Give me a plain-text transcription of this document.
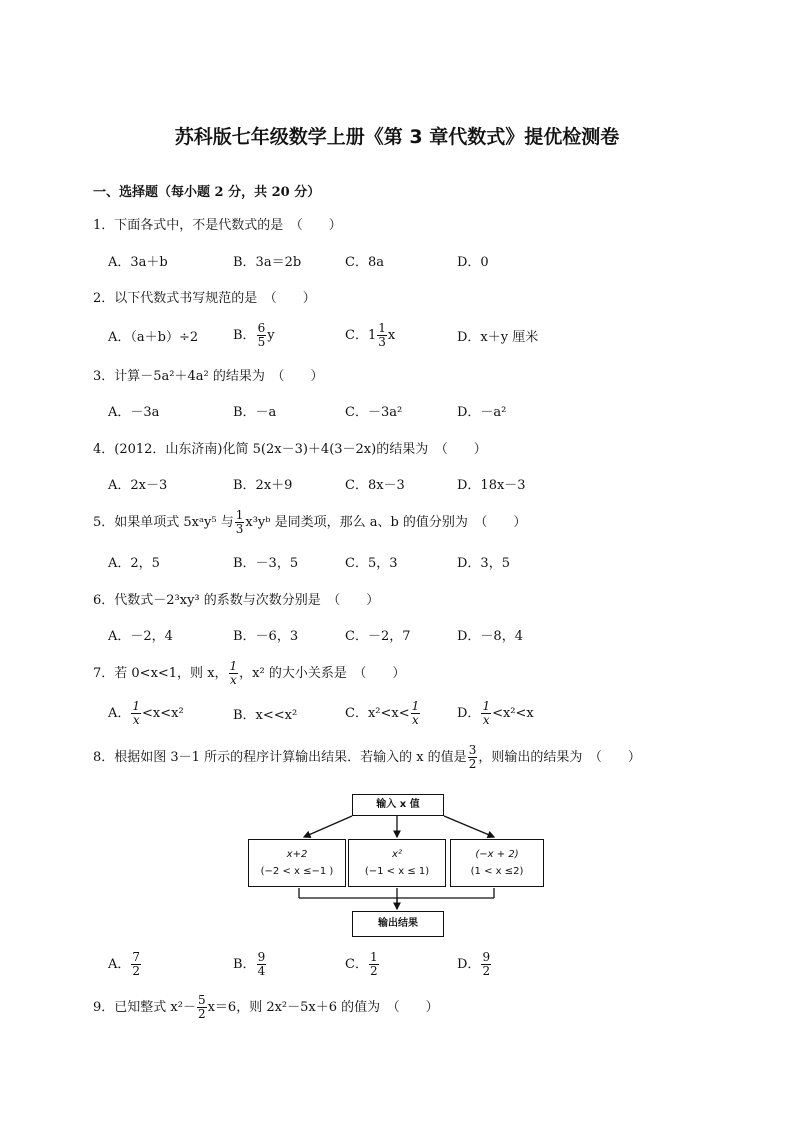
苏科版七年级数学上册《第 3 章代数式》提优检测卷
一、选择题（每小题 2 分，共 20 分）
1．下面各式中，不是代数式的是　（　　）
A．3a＋b	B．3a＝2b	C．8a	D．0
2．以下代数式书写规范的是　（　　）
A．（a＋b）÷2	B． $\frac{6}{5}$ y	C．$1 \frac{1}{3}$ x	D．x＋y 厘米
3．计算－5a²＋4a² 的结果为　（　　）
A．－3a	B．－a	C．－3a²	D．－a²
4．(2012．山东济南)化简 5(2x－3)＋4(3－2x)的结果为　（　　）
A．2x－3	B．2x＋9	C．8x－3	D．18x－3
5．如果单项式 5xᵃy⁵ 与 $\frac{1}{3}$ x³yᵇ 是同类项，那么 a、b 的值分别为　（　　）
A．2，5	B．－3，5	C．5，3	D．3，5
6．代数式－2³xy³ 的系数与次数分别是　（　　）
A．－2，4	B．－6，3	C．－2，7	D．－8，4
7．若 0<x<1，则 x， $\frac{1}{x}$ ，x² 的大小关系是　（　　）
A． $\frac{1}{x} <x<x^2$	B．x<<x²	C．$x^2<x< \frac{1}{x}$	D． $\frac{1}{x} <x^2<x$
8．根据如图 3－1 所示的程序计算输出结果．若输入的 x 的值是 $\frac{3}{2}$ ，则输出的结果为　（　　）
输入 x 值
x+2
(−2 < x ≤−1 )
x²
(−1 < x ≤ 1)
(−x + 2)
(1 < x ≤2)
输出结果
A． $\frac{7}{2}$	B． $\frac{9}{4}$	C． $\frac{1}{2}$	D． $\frac{9}{2}$
9．已知整式 $x^2- \frac{5}{2} x=6$，则 2x²－5x＋6 的值为　（　　）
